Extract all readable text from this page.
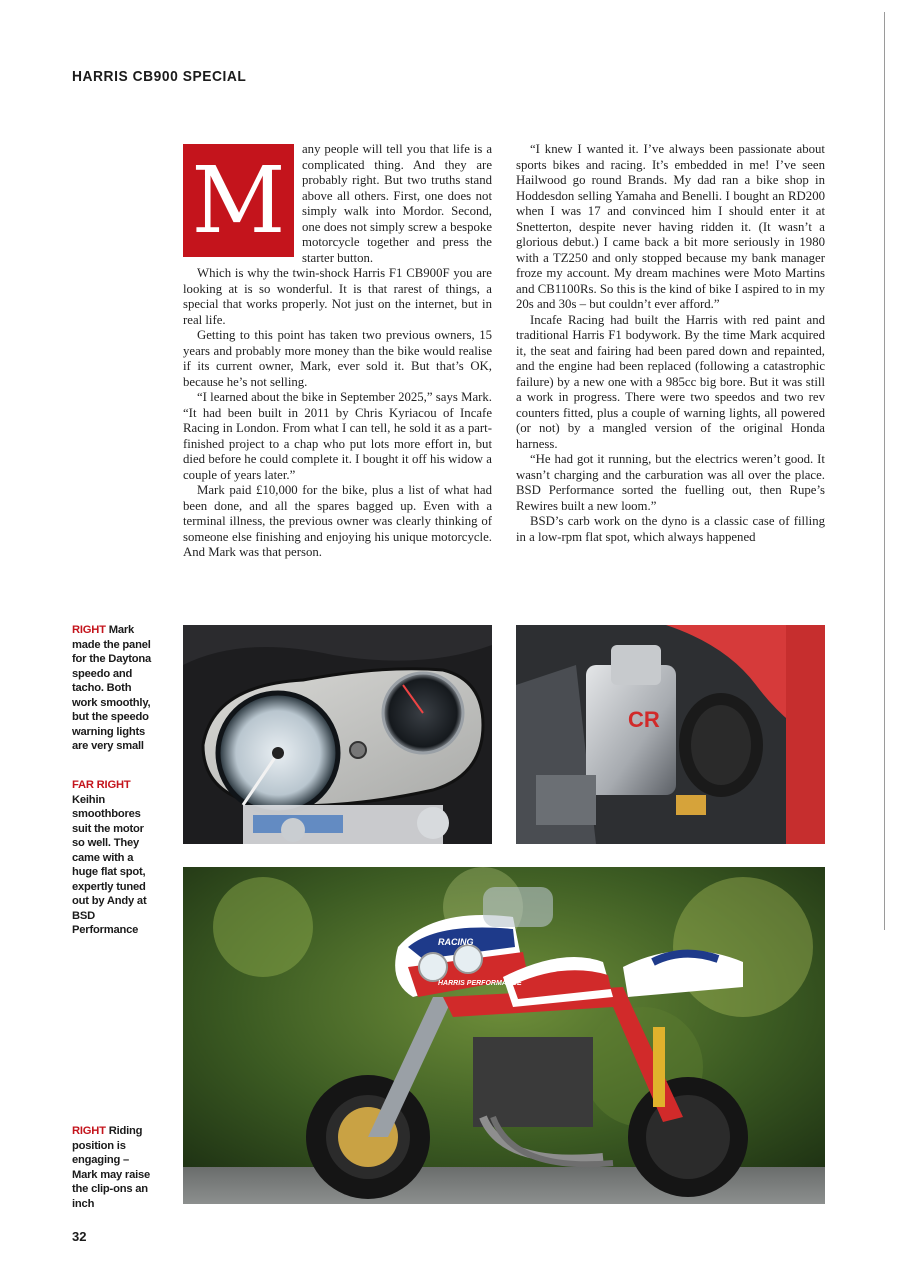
HARRIS CB900 SPECIAL
M	any people will tell you that life is a complicated thing. And they are probably right. But two truths stand above all others. First, one does not simply walk into Mordor. Second, one does not simply screw a bespoke motorcycle together and press the starter button.

Which is why the twin-shock Harris F1 CB900F you are looking at is so wonderful. It is that rarest of things, a special that works properly. Not just on the internet, but in real life.

Getting to this point has taken two previous owners, 15 years and probably more money than the bike would realise if its current owner, Mark, ever sold it. But that’s OK, because he’s not selling.

“I learned about the bike in September 2025,” says Mark. “It had been built in 2011 by Chris Kyriacou of Incafe Racing in London. From what I can tell, he sold it as a part-finished project to a chap who put lots more effort in, but died before he could complete it. I bought it off his widow a couple of years later.”

Mark paid £10,000 for the bike, plus a list of what had been done, and all the spares bagged up. Even with a terminal illness, the previous owner was clearly thinking of someone else finishing and enjoying his unique motorcycle. And Mark was that person.

“I knew I wanted it. I’ve always been passionate about sports bikes and racing. It’s embedded in me! I’ve seen Hailwood go round Brands. My dad ran a bike shop in Hoddesdon selling Yamaha and Benelli. I bought an RD200 when I was 17 and convinced him I should enter it at Snetterton, despite never having ridden it. (It wasn’t a glorious debut.) I came back a bit more seriously in 1980 with a TZ250 and only stopped because my bank manager froze my account. My dream machines were Moto Martins and CB1100Rs. So this is the kind of bike I aspired to in my 20s and 30s – but couldn’t ever afford.”

Incafe Racing had built the Harris with red paint and traditional Harris F1 bodywork. By the time Mark acquired it, the seat and fairing had been pared down and repainted, and the engine had been replaced (following a catastrophic failure) by a new one with a 985cc big bore. But it was still a work in progress. There were two speedos and two rev counters fitted, plus a couple of warning lights, all powered (or not) by a mangled version of the original Honda harness.

“He had got it running, but the electrics weren’t good. It wasn’t charging and the carburation was all over the place. BSD Performance sorted the fuelling out, then Rupe’s Rewires built a new loom.”

BSD’s carb work on the dyno is a classic case of filling in a low-rpm flat spot, which always happened

RIGHT Mark made the panel for the Daytona speedo and tacho. Both work smoothly, but the speedo warning lights are very small
FAR RIGHT Keihin smoothbores suit the motor so well. They came with a huge flat spot, expertly tuned out by Andy at BSD Performance
RIGHT Riding position is engaging – Mark may raise the clip-ons an inch
CR
RACING
HARRIS PERFORMANCE
32
